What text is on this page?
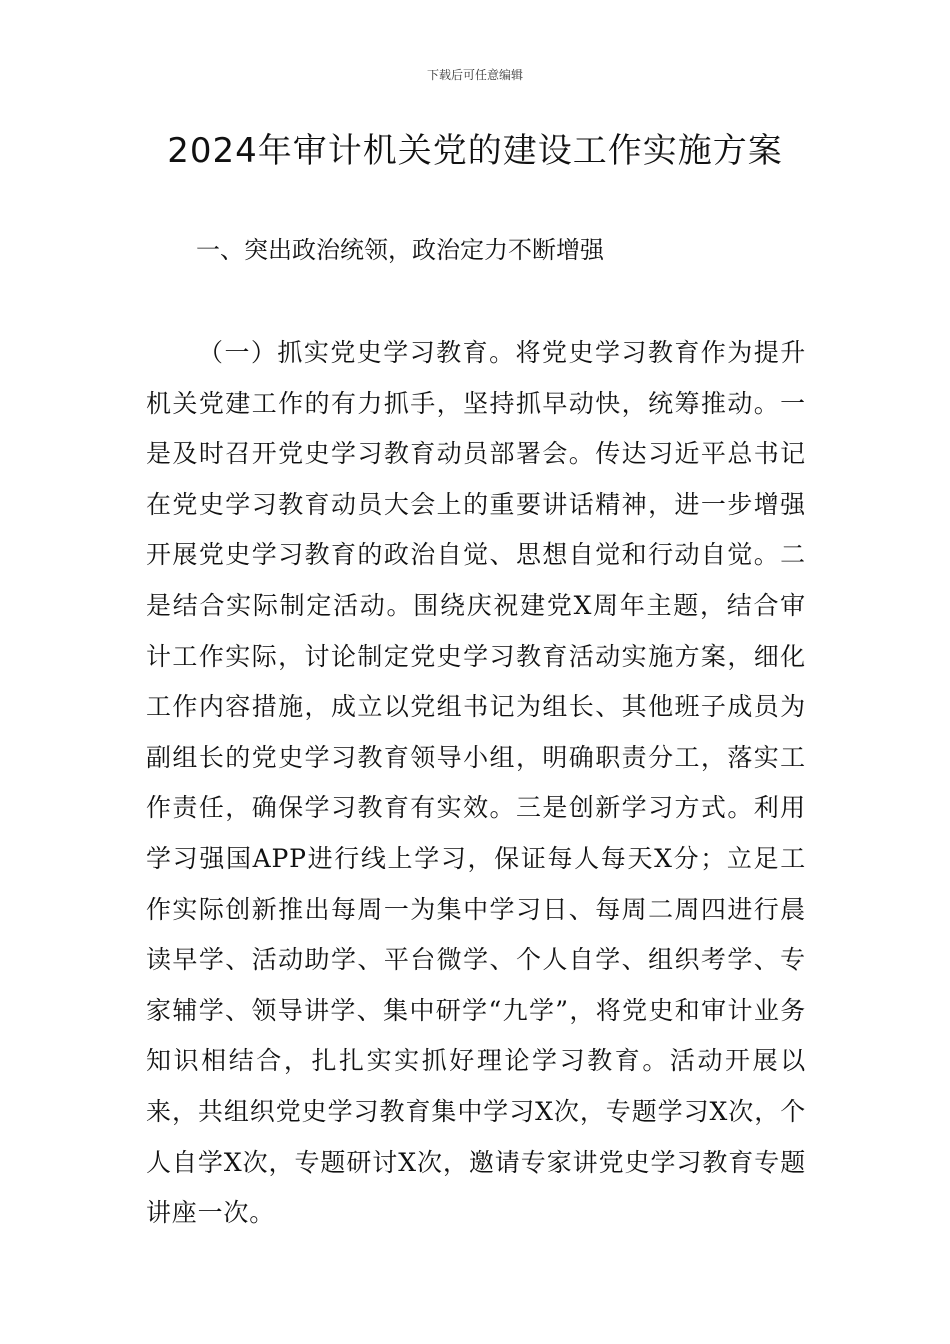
下载后可任意编辑
2024年审计机关党的建设工作实施方案
一、突出政治统领，政治定力不断增强

（一）抓实党史学习教育。将党史学习教育作为提升机关党建工作的有力抓手，坚持抓早动快，统筹推动。一是及时召开党史学习教育动员部署会。传达习近平总书记在党史学习教育动员大会上的重要讲话精神，进一步增强开展党史学习教育的政治自觉、思想自觉和行动自觉。二是结合实际制定活动。围绕庆祝建党X周年主题，结合审计工作实际，讨论制定党史学习教育活动实施方案，细化工作内容措施，成立以党组书记为组长、其他班子成员为副组长的党史学习教育领导小组，明确职责分工，落实工作责任，确保学习教育有实效。三是创新学习方式。利用学习强国APP进行线上学习，保证每人每天X分；立足工作实际创新推出每周一为集中学习日、每周二周四进行晨读早学、活动助学、平台微学、个人自学、组织考学、专家辅学、领导讲学、集中研学“九学”，将党史和审计业务知识相结合，扎扎实实抓好理论学习教育。活动开展以来，共组织党史学习教育集中学习X次，专题学习X次，个人自学X次，专题研讨X次，邀请专家讲党史学习教育专题讲座一次。
